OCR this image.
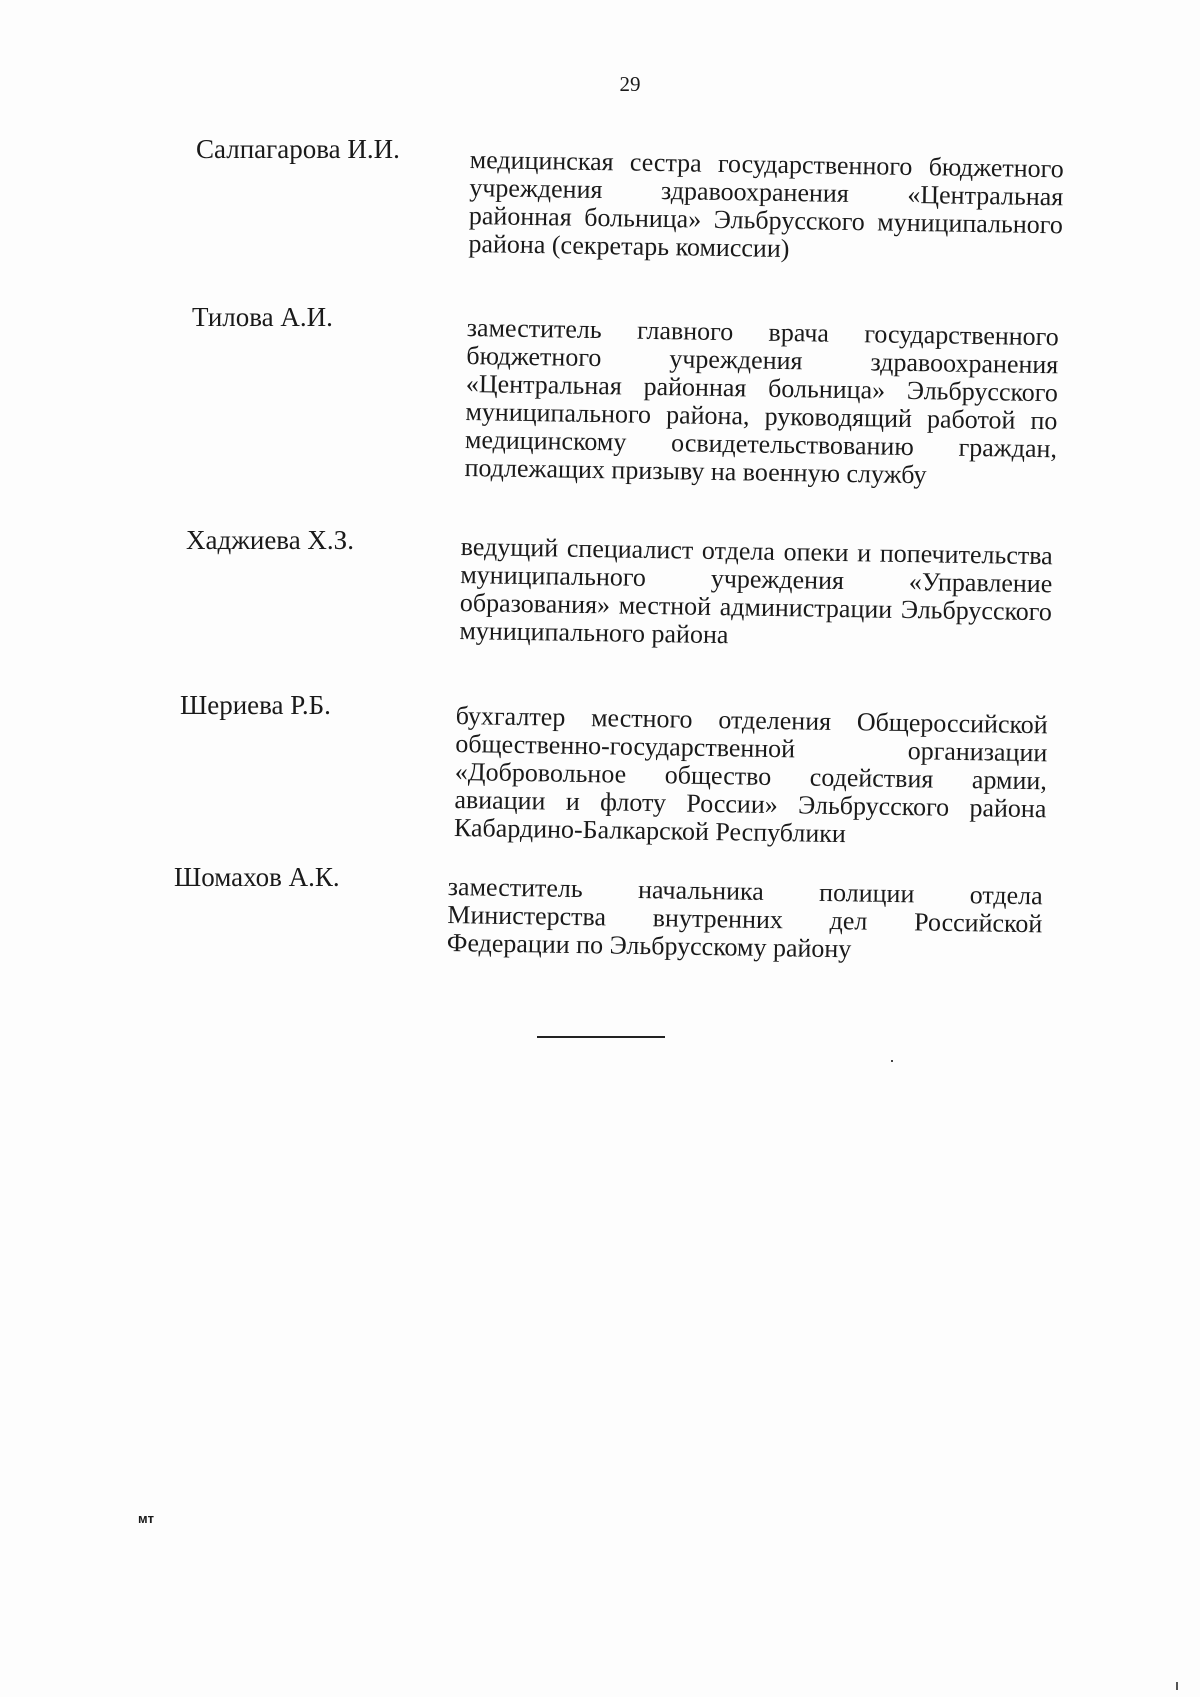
29
Салпагарова И.И.	медицинская сестра государственного бюджетного учреждения здравоохранения «Центральная районная больница» Эльбрусского муниципального района (секретарь комиссии)
Тилова А.И.	заместитель главного врача государственного бюджетного учреждения здравоохранения «Центральная районная больница» Эльбрусского муниципального района, руководящий работой по медицинскому освидетельствованию граждан, подлежащих призыву на военную службу
Хаджиева Х.З.	ведущий специалист отдела опеки и попечительства муниципального учреждения «Управление образования» местной администрации Эльбрусского муниципального района
Шериева Р.Б.	бухгалтер местного отделения Общероссийской общественно-государственной организации «Добровольное общество содействия армии, авиации и флоту России» Эльбрусского района Кабардино-Балкарской Республики
Шомахов А.К.	заместитель начальника полиции отдела Министерства внутренних дел Российской Федерации по Эльбрусскому району
мт
